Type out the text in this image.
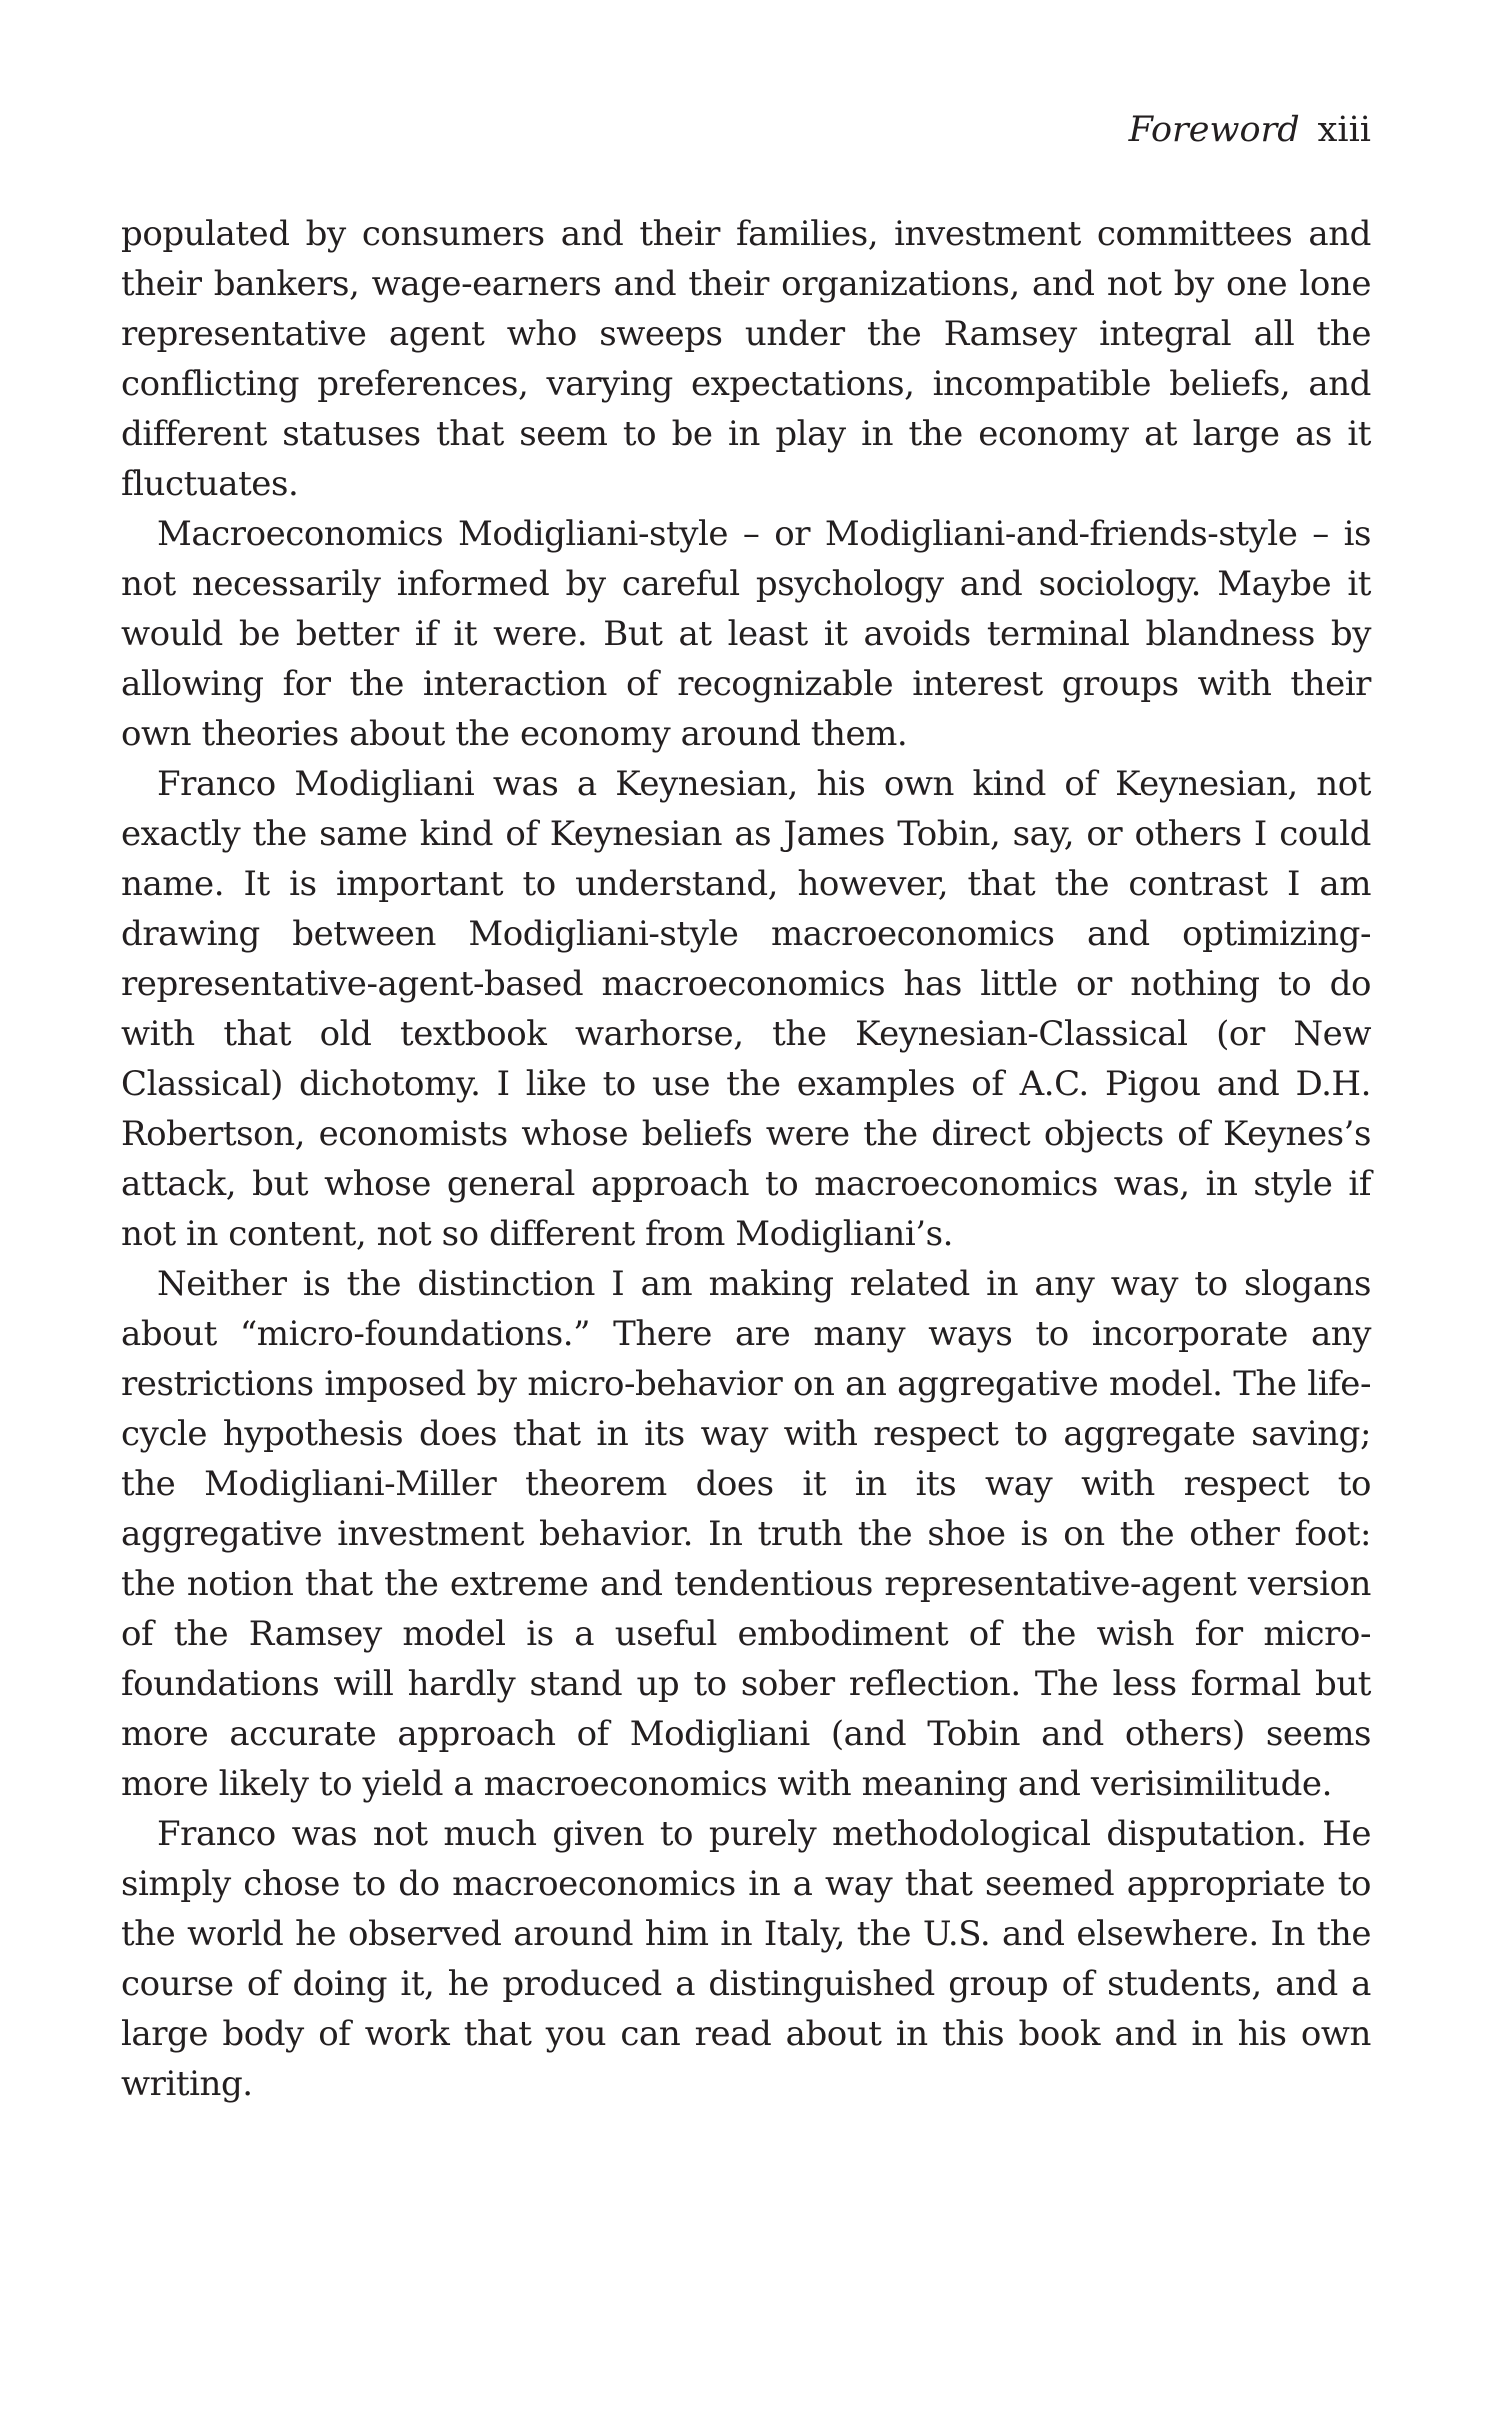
Foreword xiii

populated by consumers and their families, investment committees and their bankers, wage-earners and their organizations, and not by one lone representative agent who sweeps under the Ramsey integral all the conflicting preferences, varying expectations, incompatible beliefs, and different statuses that seem to be in play in the economy at large as it fluctuates.

Macroeconomics Modigliani-style – or Modigliani-and-friends-style – is not necessarily informed by careful psychology and sociology. Maybe it would be better if it were. But at least it avoids terminal blandness by allowing for the interaction of recognizable interest groups with their own theories about the economy around them.

Franco Modigliani was a Keynesian, his own kind of Keynesian, not exactly the same kind of Keynesian as James Tobin, say, or others I could name. It is important to understand, however, that the contrast I am drawing between Modigliani-style macroeconomics and optimizing-representative-agent-based macroeconomics has little or nothing to do with that old textbook warhorse, the Keynesian-Classical (or New Classical) dichotomy. I like to use the examples of A.C. Pigou and D.H. Robertson, economists whose beliefs were the direct objects of Keynes’s attack, but whose general approach to macroeconomics was, in style if not in content, not so different from Modigliani’s.

Neither is the distinction I am making related in any way to slogans about “micro-foundations.” There are many ways to incorporate any restrictions imposed by micro-behavior on an aggregative model. The life-cycle hypothesis does that in its way with respect to aggregate saving; the Modigliani-Miller theorem does it in its way with respect to aggregative investment behavior. In truth the shoe is on the other foot: the notion that the extreme and tendentious representative-agent version of the Ramsey model is a useful embodiment of the wish for micro-foundations will hardly stand up to sober reflection. The less formal but more accurate approach of Modigliani (and Tobin and others) seems more likely to yield a macroeconomics with meaning and verisimilitude.

Franco was not much given to purely methodological disputation. He simply chose to do macroeconomics in a way that seemed appropriate to the world he observed around him in Italy, the U.S. and elsewhere. In the course of doing it, he produced a distinguished group of students, and a large body of work that you can read about in this book and in his own writing.
